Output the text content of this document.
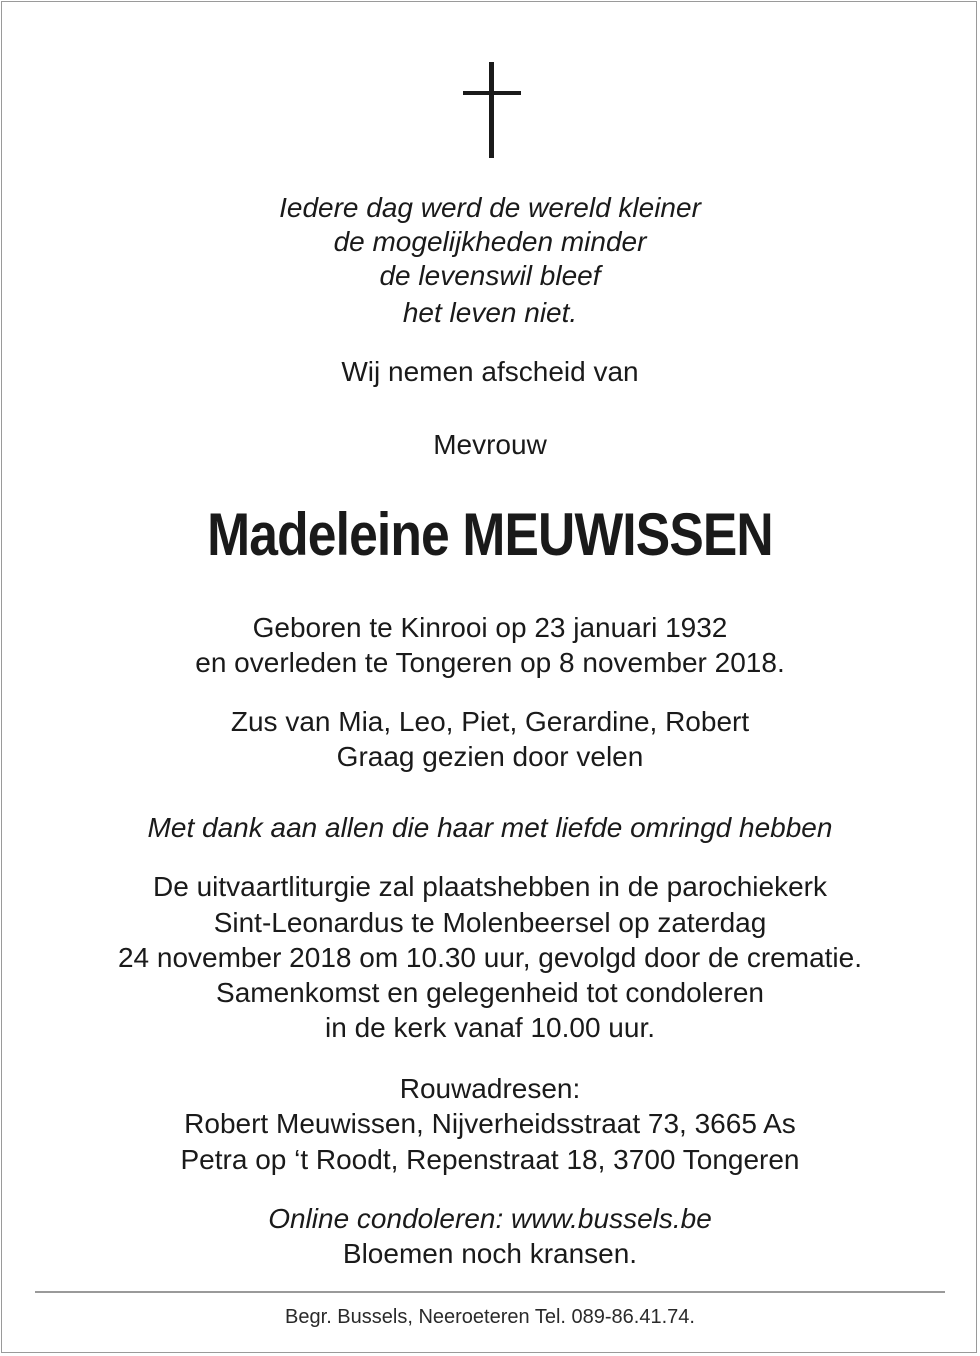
Iedere dag werd de wereld kleiner
de mogelijkheden minder
de levenswil bleef
het leven niet.
Wij nemen afscheid van
Mevrouw
Madeleine MEUWISSEN
Geboren te Kinrooi op 23 januari 1932
en overleden te Tongeren op 8 november 2018.
Zus van Mia, Leo, Piet, Gerardine, Robert
Graag gezien door velen
Met dank aan allen die haar met liefde omringd hebben
De uitvaartliturgie zal plaatshebben in de parochiekerk
Sint-Leonardus te Molenbeersel op zaterdag
24 november 2018 om 10.30 uur, gevolgd door de crematie.
Samenkomst en gelegenheid tot condoleren
in de kerk vanaf 10.00 uur.
Rouwadresen:
Robert Meuwissen, Nijverheidsstraat 73, 3665 As
Petra op ‘t Roodt, Repenstraat 18, 3700 Tongeren
Online condoleren: www.bussels.be
Bloemen noch kransen.
Begr. Bussels, Neeroeteren Tel. 089-86.41.74.
